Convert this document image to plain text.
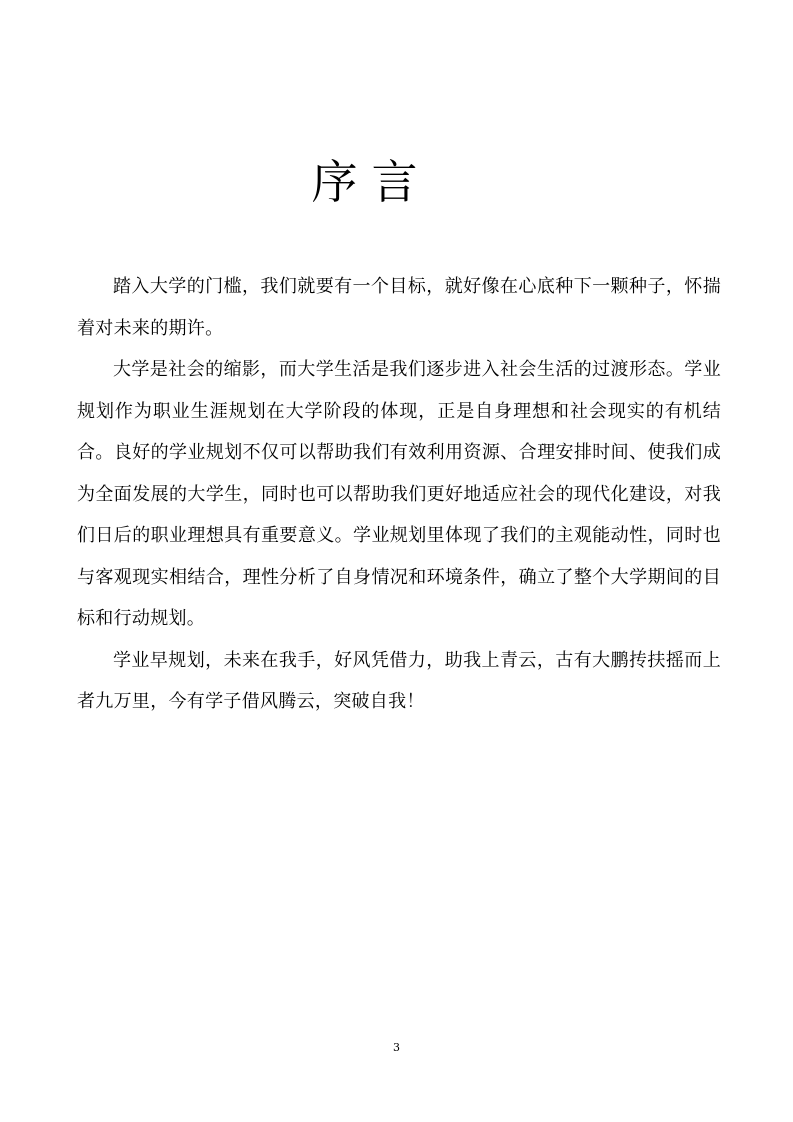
序言

踏入大学的门槛，我们就要有一个目标，就好像在心底种下一颗种子，怀揣着对未来的期许。

大学是社会的缩影，而大学生活是我们逐步进入社会生活的过渡形态。学业规划作为职业生涯规划在大学阶段的体现，正是自身理想和社会现实的有机结合。良好的学业规划不仅可以帮助我们有效利用资源、合理安排时间、使我们成为全面发展的大学生，同时也可以帮助我们更好地适应社会的现代化建设，对我们日后的职业理想具有重要意义。学业规划里体现了我们的主观能动性，同时也与客观现实相结合，理性分析了自身情况和环境条件，确立了整个大学期间的目标和行动规划。

学业早规划，未来在我手，好风凭借力，助我上青云，古有大鹏抟扶摇而上者九万里，今有学子借风腾云，突破自我！

3
